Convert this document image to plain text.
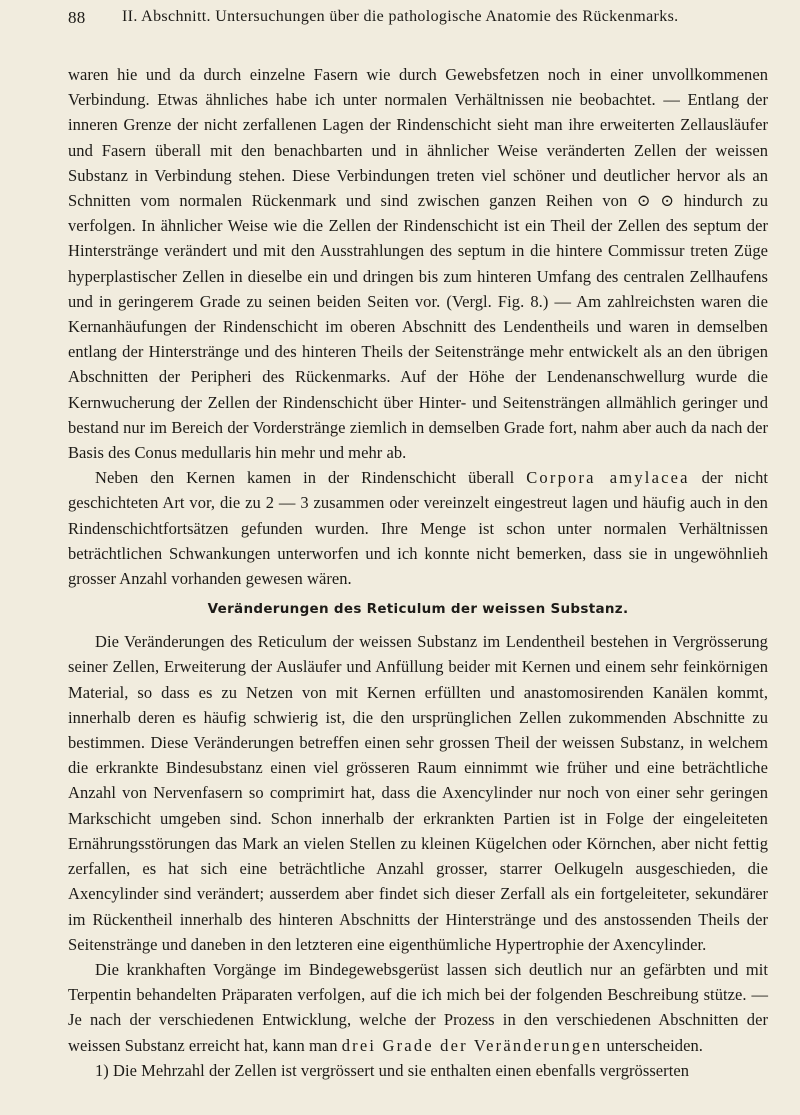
88 II. Abschnitt. Untersuchungen über die pathologische Anatomie des Rückenmarks.

waren hie und da durch einzelne Fasern wie durch Gewebsfetzen noch in einer unvollkommenen Verbindung. Etwas ähnliches habe ich unter normalen Verhältnissen nie beobachtet. — Entlang der inneren Grenze der nicht zerfallenen Lagen der Rindenschicht sieht man ihre erweiterten Zellausläufer und Fasern überall mit den benachbarten und in ähnlicher Weise veränderten Zellen der weissen Substanz in Verbindung stehen. Diese Verbindungen treten viel schöner und deutlicher hervor als an Schnitten vom normalen Rückenmark und sind zwischen ganzen Reihen von ⊙ ⊙ hindurch zu verfolgen. In ähnlicher Weise wie die Zellen der Rindenschicht ist ein Theil der Zellen des septum der Hinterstränge verändert und mit den Ausstrahlungen des septum in die hintere Commissur treten Züge hyperplastischer Zellen in dieselbe ein und dringen bis zum hinteren Umfang des centralen Zellhaufens und in geringerem Grade zu seinen beiden Seiten vor. (Vergl. Fig. 8.) — Am zahlreichsten waren die Kernanhäufungen der Rindenschicht im oberen Abschnitt des Lendentheils und waren in demselben entlang der Hinterstränge und des hinteren Theils der Seitenstränge mehr entwickelt als an den übrigen Abschnitten der Peripheri des Rückenmarks. Auf der Höhe der Lendenanschwellurg wurde die Kernwucherung der Zellen der Rindenschicht über Hinter- und Seitensträngen allmählich geringer und bestand nur im Bereich der Vorderstränge ziemlich in demselben Grade fort, nahm aber auch da nach der Basis des Conus medullaris hin mehr und mehr ab.

Neben den Kernen kamen in der Rindenschicht überall Corpora amylacea der nicht geschichteten Art vor, die zu 2 — 3 zusammen oder vereinzelt eingestreut lagen und häufig auch in den Rindenschichtfortsätzen gefunden wurden. Ihre Menge ist schon unter normalen Verhältnissen beträchtlichen Schwankungen unterworfen und ich konnte nicht bemerken, dass sie in ungewöhnlieh grosser Anzahl vorhanden gewesen wären.

Veränderungen des Reticulum der weissen Substanz.

Die Veränderungen des Reticulum der weissen Substanz im Lendentheil bestehen in Vergrösserung seiner Zellen, Erweiterung der Ausläufer und Anfüllung beider mit Kernen und einem sehr feinkörnigen Material, so dass es zu Netzen von mit Kernen erfüllten und anastomosirenden Kanälen kommt, innerhalb deren es häufig schwierig ist, die den ursprünglichen Zellen zukommenden Abschnitte zu bestimmen. Diese Veränderungen betreffen einen sehr grossen Theil der weissen Substanz, in welchem die erkrankte Bindesubstanz einen viel grösseren Raum einnimmt wie früher und eine beträchtliche Anzahl von Nervenfasern so comprimirt hat, dass die Axencylinder nur noch von einer sehr geringen Markschicht umgeben sind. Schon innerhalb der erkrankten Partien ist in Folge der eingeleiteten Ernährungsstörungen das Mark an vielen Stellen zu kleinen Kügelchen oder Körnchen, aber nicht fettig zerfallen, es hat sich eine beträchtliche Anzahl grosser, starrer Oelkugeln ausgeschieden, die Axencylinder sind verändert; ausserdem aber findet sich dieser Zerfall als ein fortgeleiteter, sekundärer im Rückentheil innerhalb des hinteren Abschnitts der Hinterstränge und des anstossenden Theils der Seitenstränge und daneben in den letzteren eine eigenthümliche Hypertrophie der Axencylinder.

Die krankhaften Vorgänge im Bindegewebsgerüst lassen sich deutlich nur an gefärbten und mit Terpentin behandelten Präparaten verfolgen, auf die ich mich bei der folgenden Beschreibung stütze. — Je nach der verschiedenen Entwicklung, welche der Prozess in den verschiedenen Abschnitten der weissen Substanz erreicht hat, kann man drei Grade der Veränderungen unterscheiden.

1) Die Mehrzahl der Zellen ist vergrössert und sie enthalten einen ebenfalls vergrösserten
